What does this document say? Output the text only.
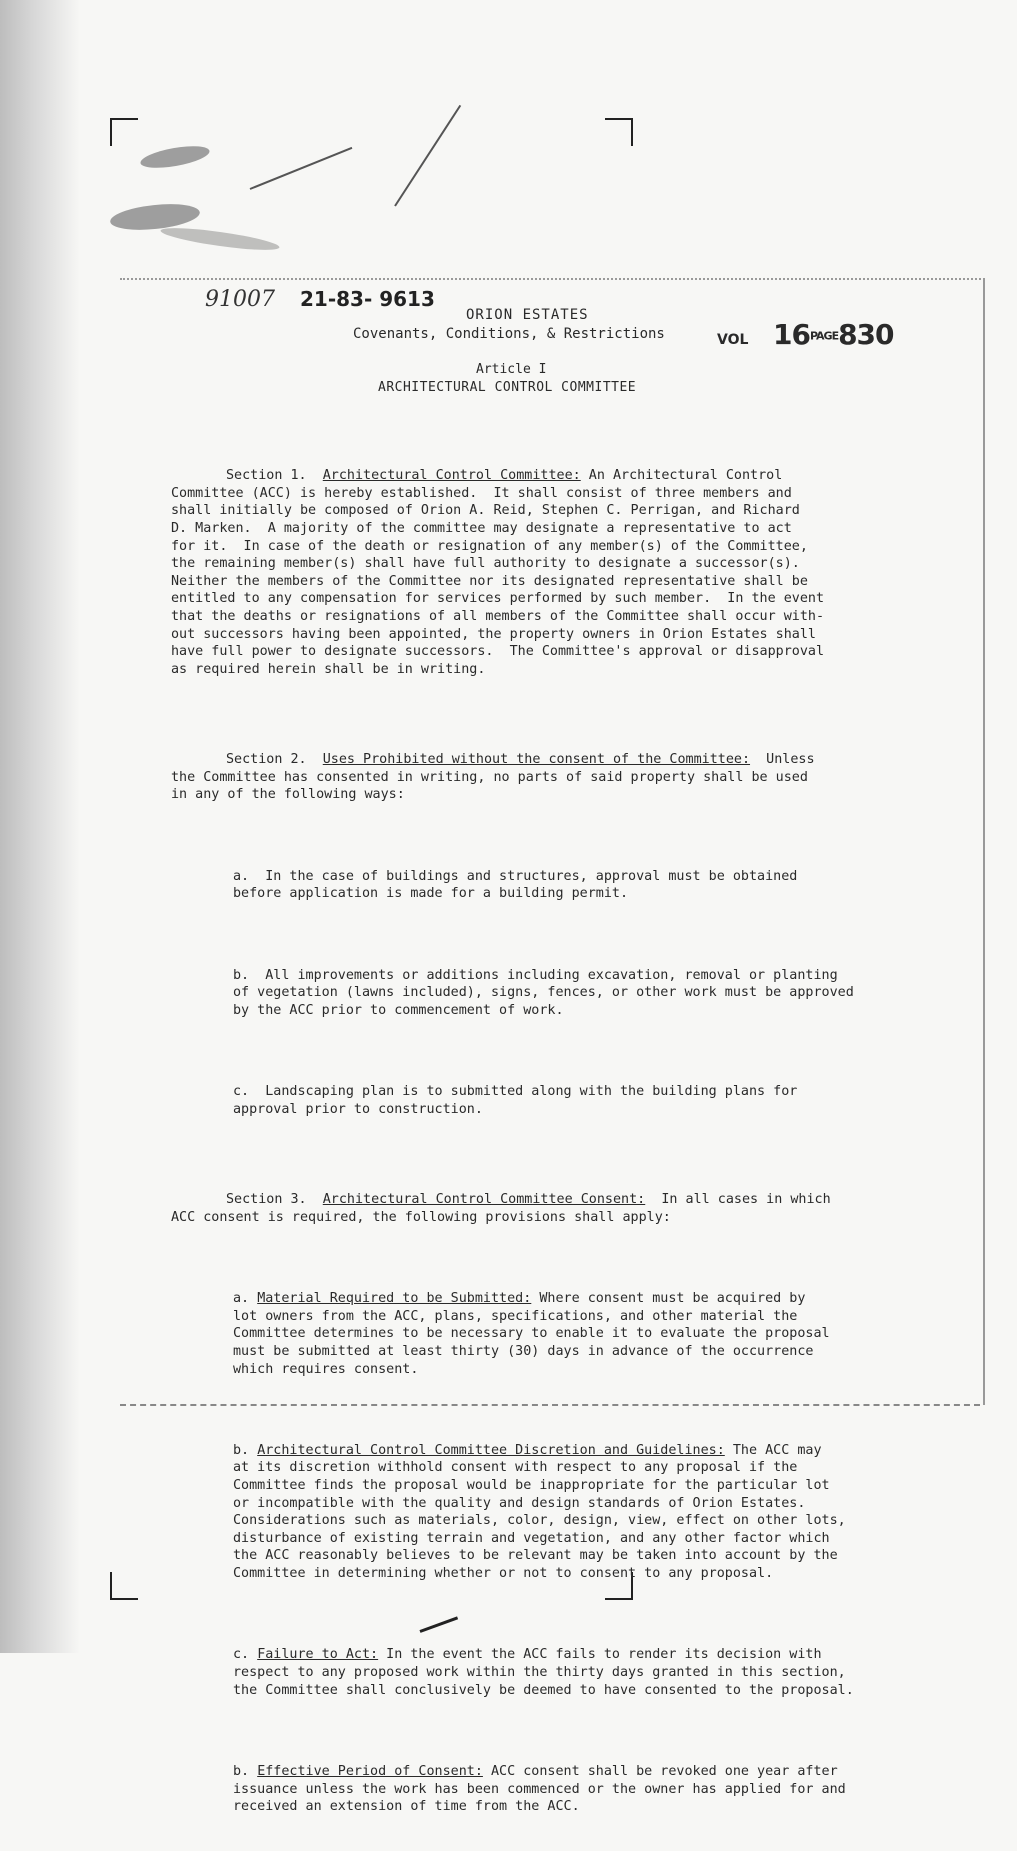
91007 21-83- 9613
ORION ESTATES
Covenants, Conditions, & Restrictions	VOL 16PAGE830
Article I
ARCHITECTURAL CONTROL COMMITTEE

Section 1.  Architectural Control Committee: An Architectural Control
Committee (ACC) is hereby established.  It shall consist of three members and
shall initially be composed of Orion A. Reid, Stephen C. Perrigan, and Richard
D. Marken.  A majority of the committee may designate a representative to act
for it.  In case of the death or resignation of any member(s) of the Committee,
the remaining member(s) shall have full authority to designate a successor(s).
Neither the members of the Committee nor its designated representative shall be
entitled to any compensation for services performed by such member.  In the event
that the deaths or resignations of all members of the Committee shall occur with-
out successors having been appointed, the property owners in Orion Estates shall
have full power to designate successors.  The Committee's approval or disapproval
as required herein shall be in writing.

Section 2.  Uses Prohibited without the consent of the Committee:  Unless
the Committee has consented in writing, no parts of said property shall be used
in any of the following ways:

a.  In the case of buildings and structures, approval must be obtained
before application is made for a building permit.

b.  All improvements or additions including excavation, removal or planting
of vegetation (lawns included), signs, fences, or other work must be approved
by the ACC prior to commencement of work.

c.  Landscaping plan is to submitted along with the building plans for
approval prior to construction.

Section 3.  Architectural Control Committee Consent:  In all cases in which
ACC consent is required, the following provisions shall apply:

a. Material Required to be Submitted: Where consent must be acquired by
lot owners from the ACC, plans, specifications, and other material the
Committee determines to be necessary to enable it to evaluate the proposal
must be submitted at least thirty (30) days in advance of the occurrence
which requires consent.

b. Architectural Control Committee Discretion and Guidelines: The ACC may
at its discretion withhold consent with respect to any proposal if the
Committee finds the proposal would be inappropriate for the particular lot
or incompatible with the quality and design standards of Orion Estates.
Considerations such as materials, color, design, view, effect on other lots,
disturbance of existing terrain and vegetation, and any other factor which
the ACC reasonably believes to be relevant may be taken into account by the
Committee in determining whether or not to consent to any proposal.

c. Failure to Act: In the event the ACC fails to render its decision with
respect to any proposed work within the thirty days granted in this section,
the Committee shall conclusively be deemed to have consented to the proposal.

b. Effective Period of Consent: ACC consent shall be revoked one year after
issuance unless the work has been commenced or the owner has applied for and
received an extension of time from the ACC.
